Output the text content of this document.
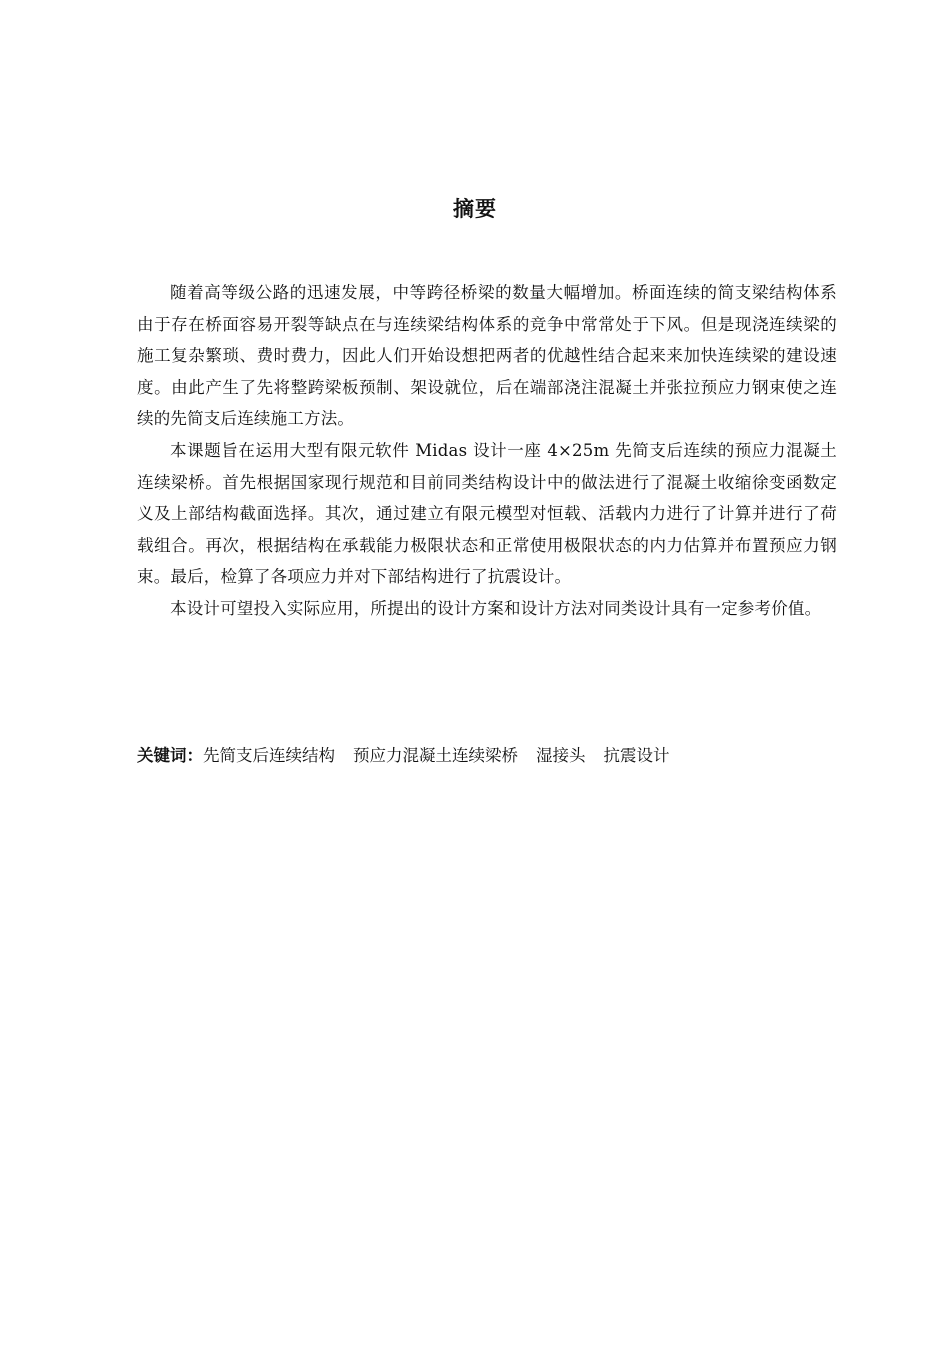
摘要

随着高等级公路的迅速发展，中等跨径桥梁的数量大幅增加。桥面连续的简支梁结构体系由于存在桥面容易开裂等缺点在与连续梁结构体系的竞争中常常处于下风。但是现浇连续梁的施工复杂繁琐、费时费力，因此人们开始设想把两者的优越性结合起来来加快连续梁的建设速度。由此产生了先将整跨梁板预制、架设就位，后在端部浇注混凝土并张拉预应力钢束使之连续的先简支后连续施工方法。

本课题旨在运用大型有限元软件 Midas 设计一座 4×25m 先简支后连续的预应力混凝土连续梁桥。首先根据国家现行规范和目前同类结构设计中的做法进行了混凝土收缩徐变函数定义及上部结构截面选择。其次，通过建立有限元模型对恒载、活载内力进行了计算并进行了荷载组合。再次，根据结构在承载能力极限状态和正常使用极限状态的内力估算并布置预应力钢束。最后，检算了各项应力并对下部结构进行了抗震设计。

本设计可望投入实际应用，所提出的设计方案和设计方法对同类设计具有一定参考价值。

关键词：先简支后连续结构 预应力混凝土连续梁桥 湿接头 抗震设计
